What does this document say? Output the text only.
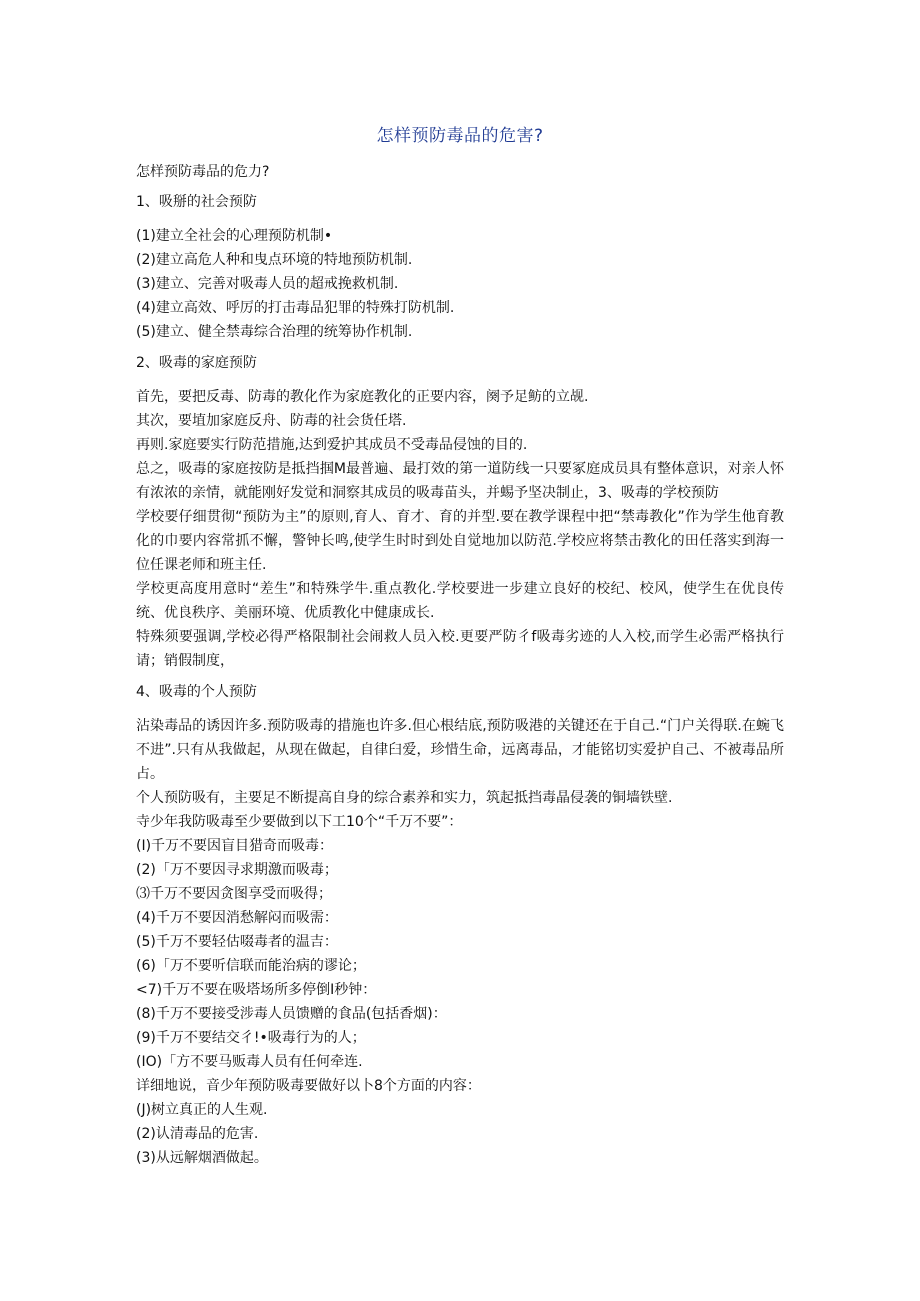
怎样预防毒品的危害?

怎样预防毒品的危力?

1、吸掰的社会预防

(1)建立全社会的心理预防机制•

(2)建立高危人种和曳点环境的特地预防机制.

(3)建立、完善对吸毒人员的超戒挽救机制.

(4)建立高效、呼厉的打击毒品犯罪的特殊打防机制.

(5)建立、健全禁毒综合治理的统筹协作机制.

2、吸毒的家庭预防

首先，要把反毒、防毒的教化作为家庭教化的正要内容，阕予足鲂的立觇.

其次，要埴加家庭反舟、防毒的社会货任塔.

再则.家庭要实行防范措施,达到爱护其成员不受毒品侵蚀的目的.

总之，吸毒的家庭按防是抵挡掴M最普遍、最打效的第一道防线一只要冢庭成员具有整体意识，对亲人怀有浓浓的亲情，就能刚好发觉和洞察其成员的吸毒苗头，并蜴予坚决制止，3、吸毒的学校预防

学校要仔细贯彻“预防为主”的原则,育人、育才、育的并型.要在教学课程中把“禁毒教化”作为学生他育教化的巾要内容常抓不懈，警钟长鸣,使学生时时到处自觉地加以防范.学校应将禁击教化的田任落实到海一位任课老师和班主任.

学校更高度用意时“差生”和特殊学牛.重点教化.学校要进一步建立良好的校纪、校风，使学生在优良传统、优良秩序、美丽环境、优质教化中健康成长.

特殊须要强调,学校必得严格限制社会闹救人员入校.更要严防彳f吸毒劣迹的人入校,而学生必需严格执行请；销假制度，

4、吸毒的个人预防

沾染毒品的诱因许多.预防吸毒的措施也许多.但心根结底,预防吸港的关键还在于自己.“门户关得联.在蜿飞不进”.只有从我做起，从现在做起，自律臼爱，珍惜生命，远离毒品，才能铭切实爱护自己、不被毒品所占。

个人预防吸有，主要足不断提高自身的综合素养和实力，筑起抵挡毒晶侵袭的铜墙铁壁.

寺少年我防吸毒至少要做到以下工10个“千万不要”：

(I)千万不要因盲目猎奇而吸毒：

(2)「万不要因寻求期激而吸毒；

⑶千万不要因贪图享受而吸得；

(4)千万不要因消愁解闷而吸需：

(5)千万不要轻估啜毒者的温吉：

(6)「万不要听信联而能治病的谬论；

<7)千万不要在吸塔场所多停倒I秒钟：

(8)千万不要接受涉毒人员馈赠的食品(包括香烟)：

(9)千万不要结交彳!•吸毒行为的人；

(IO)「方不要马贩毒人员有任何牵连.

详细地说，音少年预防吸毒要做好以卜8个方面的内容：

(J)树立真正的人生观.

(2)认清毒品的危害.

(3)从远解烟酒做起。
